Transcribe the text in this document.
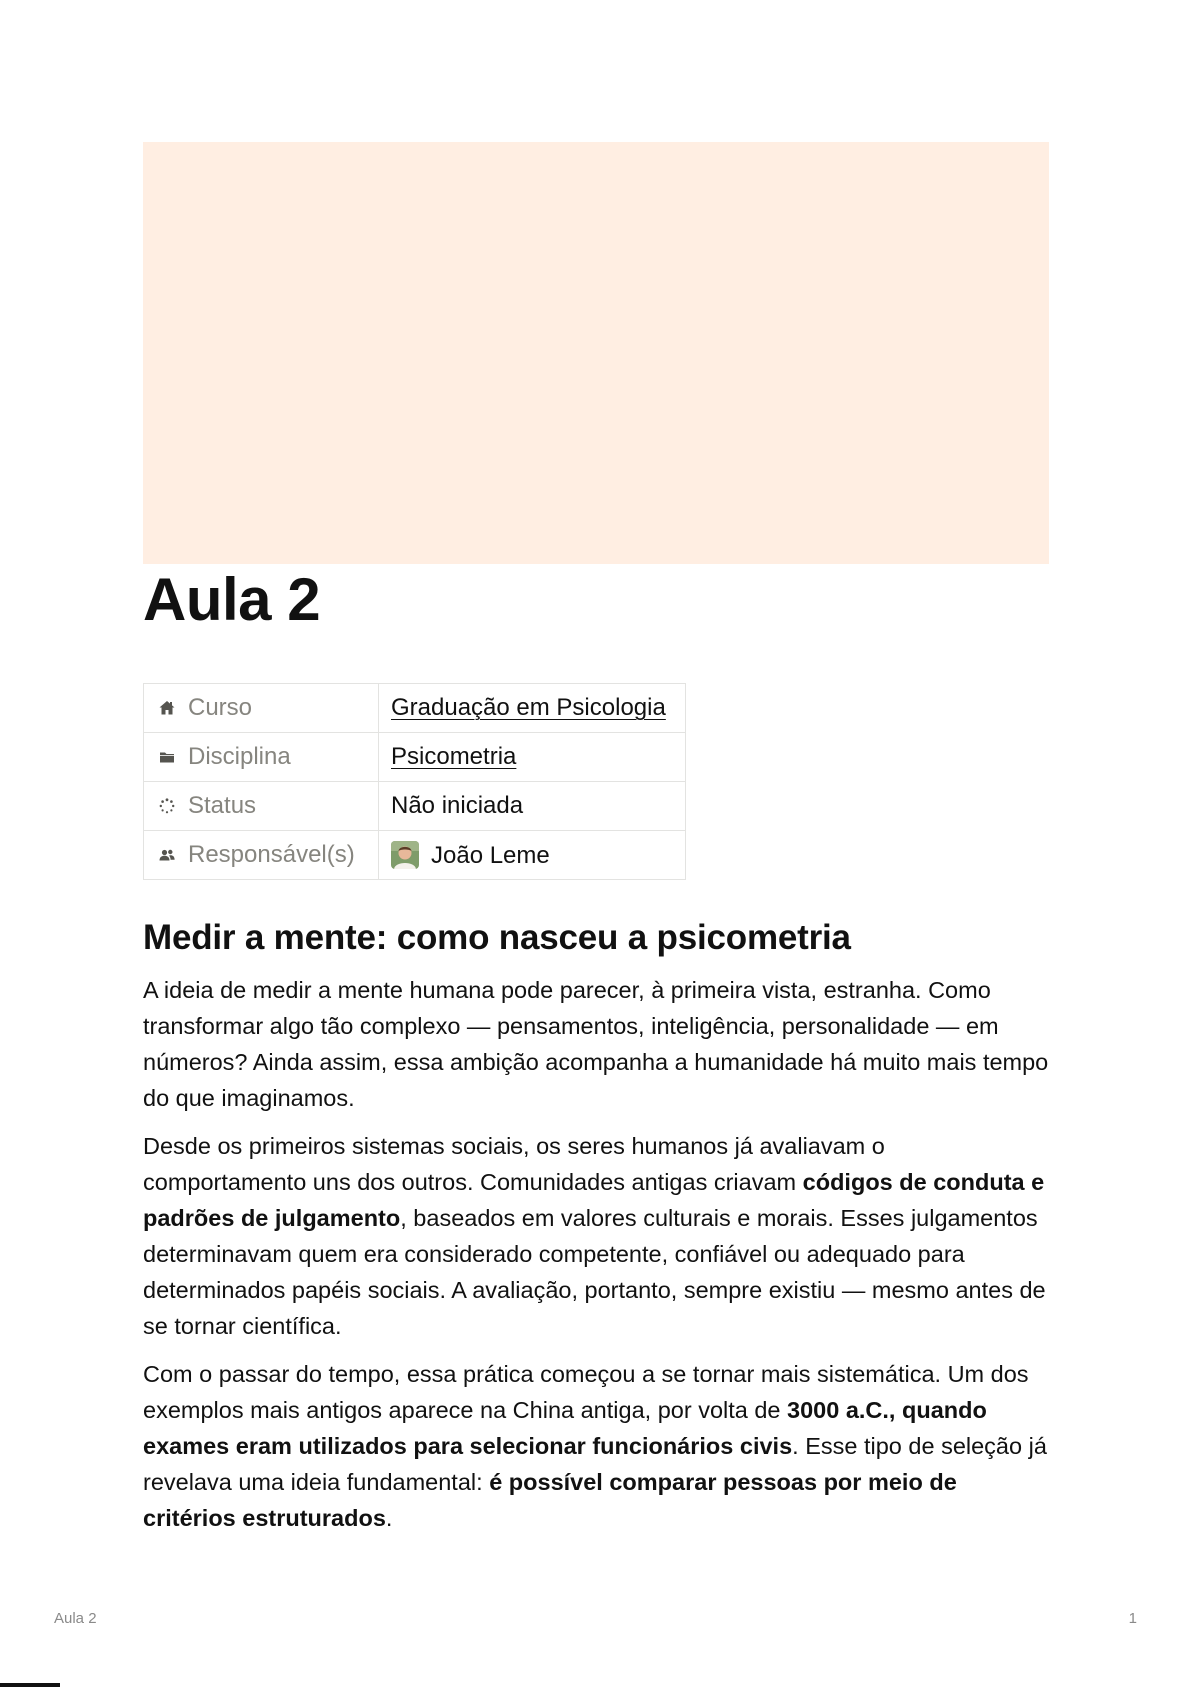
Aula 2
Curso	Graduação em Psicologia

Disciplina	Psicometria

Status	Não iniciada

Responsável(s)	João Leme
Medir a mente: como nasceu a psicometria

A ideia de medir a mente humana pode parecer, à primeira vista, estranha. Como transformar algo tão complexo — pensamentos, inteligência, personalidade — em números? Ainda assim, essa ambição acompanha a humanidade há muito mais tempo do que imaginamos.

Desde os primeiros sistemas sociais, os seres humanos já avaliavam o comportamento uns dos outros. Comunidades antigas criavam códigos de conduta e padrões de julgamento, baseados em valores culturais e morais. Esses julgamentos determinavam quem era considerado competente, confiável ou adequado para determinados papéis sociais. A avaliação, portanto, sempre existiu — mesmo antes de se tornar científica.

Com o passar do tempo, essa prática começou a se tornar mais sistemática. Um dos exemplos mais antigos aparece na China antiga, por volta de 3000 a.C., quando exames eram utilizados para selecionar funcionários civis. Esse tipo de seleção já revelava uma ideia fundamental: é possível comparar pessoas por meio de critérios estruturados.

Aula 2	1
